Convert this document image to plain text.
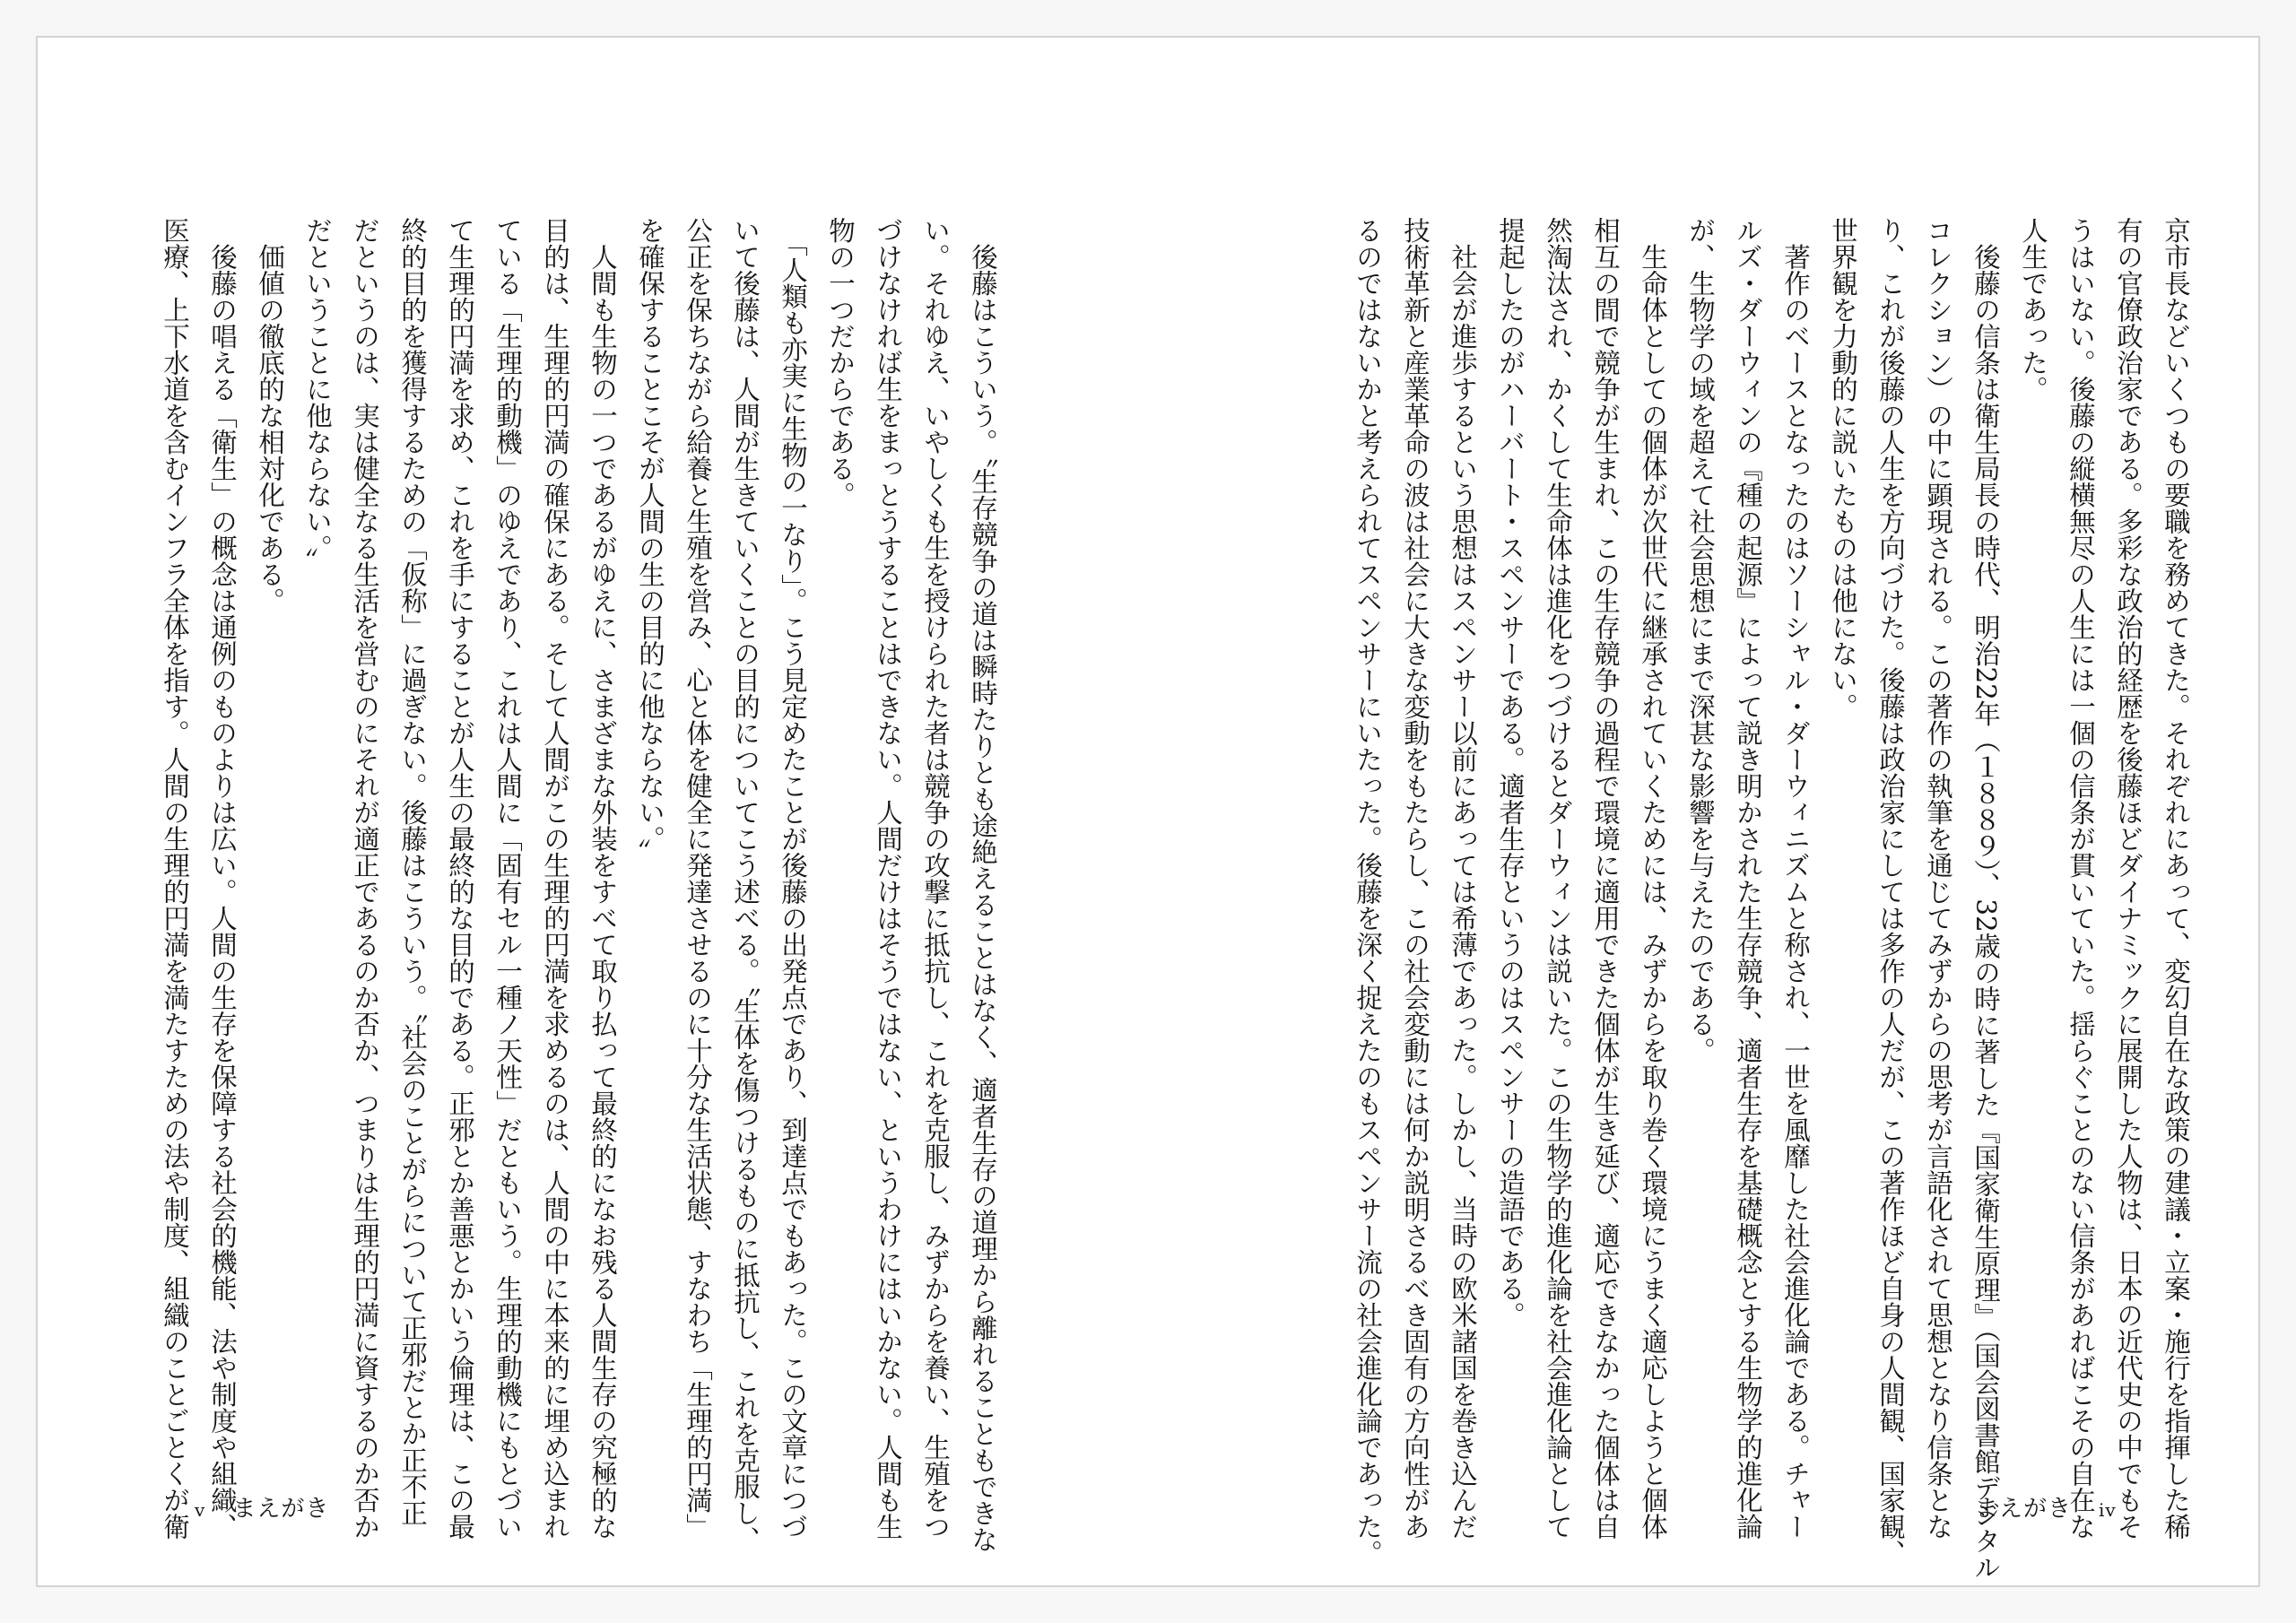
京市長などいくつもの要職を務めてきた。それぞれにあって、変幻自在な政策の建議・立案・施行を指揮した稀

有の官僚政治家である。多彩な政治的経歴を後藤ほどダイナミックに展開した人物は、日本の近代史の中でもそ

うはいない。後藤の縦横無尽の人生には一個の信条が貫いていた。揺らぐことのない信条があればこその自在な

人生であった。

　後藤の信条は衛生局長の時代、明治22年（１８８９）、32歳の時に著した『国家衛生原理』（国会図書館デジタル

コレクション）の中に顕現される。この著作の執筆を通じてみずからの思考が言語化されて思想となり信条とな

り、これが後藤の人生を方向づけた。後藤は政治家にしては多作の人だが、この著作ほど自身の人間観、国家観、

世界観を力動的に説いたものは他にない。

　著作のベースとなったのはソーシャル・ダーウィニズムと称され、一世を風靡した社会進化論である。チャー

ルズ・ダーウィンの『種の起源』によって説き明かされた生存競争、適者生存を基礎概念とする生物学的進化論

が、生物学の域を超えて社会思想にまで深甚な影響を与えたのである。

　生命体としての個体が次世代に継承されていくためには、みずからを取り巻く環境にうまく適応しようと個体

相互の間で競争が生まれ、この生存競争の過程で環境に適用できた個体が生き延び、適応できなかった個体は自

然淘汰され、かくして生命体は進化をつづけるとダーウィンは説いた。この生物学的進化論を社会進化論として

提起したのがハーバート・スペンサーである。適者生存というのはスペンサーの造語である。

　社会が進歩するという思想はスペンサー以前にあっては希薄であった。しかし、当時の欧米諸国を巻き込んだ

技術革新と産業革命の波は社会に大きな変動をもたらし、この社会変動には何か説明さるべき固有の方向性があ

るのではないかと考えられてスペンサーにいたった。後藤を深く捉えたのもスペンサー流の社会進化論であった。

　後藤はこういう。〝生存競争の道は瞬時たりとも途絶えることはなく、適者生存の道理から離れることもできな

い。それゆえ、いやしくも生を授けられた者は競争の攻撃に抵抗し、これを克服し、みずからを養い、生殖をつ

づけなければ生をまっとうすることはできない。人間だけはそうではない、というわけにはいかない。人間も生

物の一つだからである。

　「人類も亦実に生物の一なり」。こう見定めたことが後藤の出発点であり、到達点でもあった。この文章につづ

いて後藤は、人間が生きていくことの目的についてこう述べる。〝生体を傷つけるものに抵抗し、これを克服し、

公正を保ちながら給養と生殖を営み、心と体を健全に発達させるのに十分な生活状態、すなわち「生理的円満」

を確保することこそが人間の生の目的に他ならない。〟

　人間も生物の一つであるがゆえに、さまざまな外装をすべて取り払って最終的になお残る人間生存の究極的な

目的は、生理的円満の確保にある。そして人間がこの生理的円満を求めるのは、人間の中に本来的に埋め込まれ

ている「生理的動機」のゆえであり、これは人間に「固有セル一種ノ天性」だともいう。生理的動機にもとづい

て生理的円満を求め、これを手にすることが人生の最終的な目的である。正邪とか善悪とかいう倫理は、この最

終的目的を獲得するための「仮称」に過ぎない。後藤はこういう。〝社会のことがらについて正邪だとか正不正

だというのは、実は健全なる生活を営むのにそれが適正であるのか否か、つまりは生理的円満に資するのか否か

だということに他ならない。〟

　価値の徹底的な相対化である。

　後藤の唱える「衛生」の概念は通例のものよりは広い。人間の生存を保障する社会的機能、法や制度や組織、

医療、上下水道を含むインフラ全体を指す。人間の生理的円満を満たすための法や制度、組織のことごとくが衛	まえがき iv
v まえがき
